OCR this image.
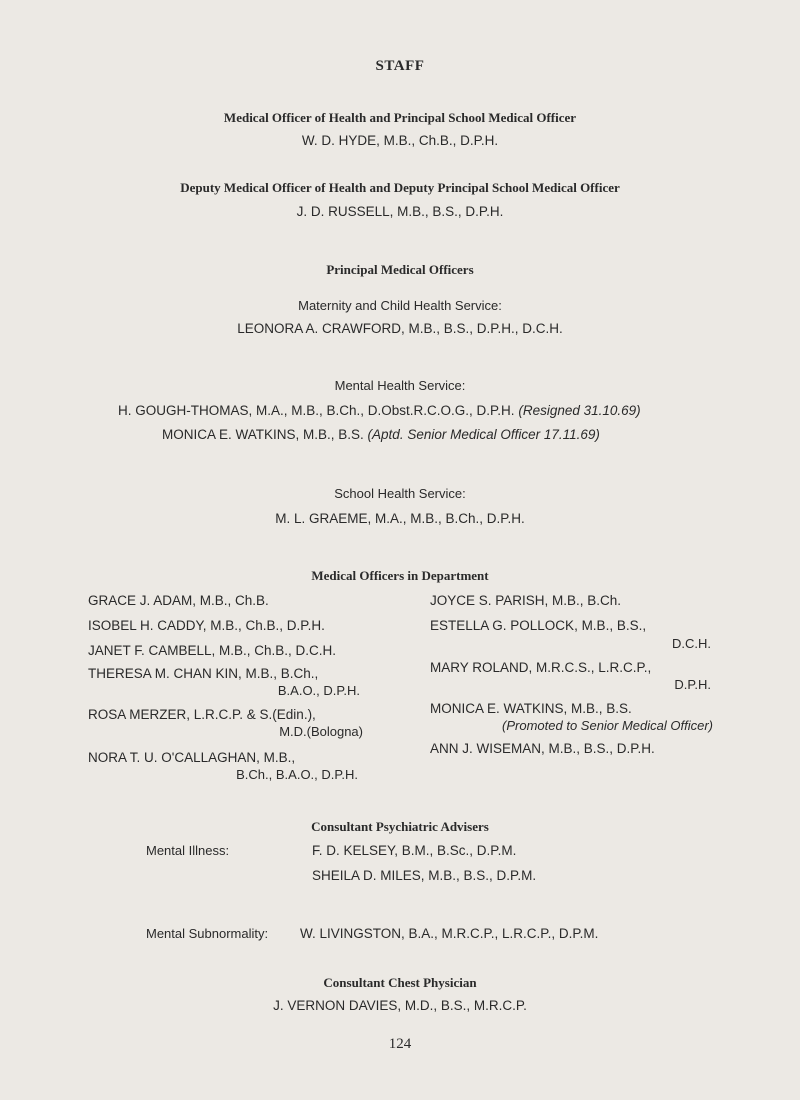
STAFF
Medical Officer of Health and Principal School Medical Officer
W. D. HYDE, M.B., Ch.B., D.P.H.
Deputy Medical Officer of Health and Deputy Principal School Medical Officer
J. D. RUSSELL, M.B., B.S., D.P.H.
Principal Medical Officers
Maternity and Child Health Service:
LEONORA A. CRAWFORD, M.B., B.S., D.P.H., D.C.H.
Mental Health Service:
H. GOUGH-THOMAS, M.A., M.B., B.Ch., D.Obst.R.C.O.G., D.P.H. (Resigned 31.10.69)
MONICA E. WATKINS, M.B., B.S. (Aptd. Senior Medical Officer 17.11.69)
School Health Service:
M. L. GRAEME, M.A., M.B., B.Ch., D.P.H.
Medical Officers in Department
GRACE J. ADAM, M.B., Ch.B.
ISOBEL H. CADDY, M.B., Ch.B., D.P.H.
JANET F. CAMBELL, M.B., Ch.B., D.C.H.
THERESA M. CHAN KIN, M.B., B.Ch.,
B.A.O., D.P.H.
ROSA MERZER, L.R.C.P. & S.(Edin.),
M.D.(Bologna)
NORA T. U. O'CALLAGHAN, M.B.,
B.Ch., B.A.O., D.P.H.
JOYCE S. PARISH, M.B., B.Ch.
ESTELLA G. POLLOCK, M.B., B.S.,
D.C.H.
MARY ROLAND, M.R.C.S., L.R.C.P.,
D.P.H.
MONICA E. WATKINS, M.B., B.S.
(Promoted to Senior Medical Officer)
ANN J. WISEMAN, M.B., B.S., D.P.H.
Consultant Psychiatric Advisers
Mental Illness:	F. D. KELSEY, B.M., B.Sc., D.P.M.
SHEILA D. MILES, M.B., B.S., D.P.M.
Mental Subnormality: W. LIVINGSTON, B.A., M.R.C.P., L.R.C.P., D.P.M.
Consultant Chest Physician
J. VERNON DAVIES, M.D., B.S., M.R.C.P.
124
